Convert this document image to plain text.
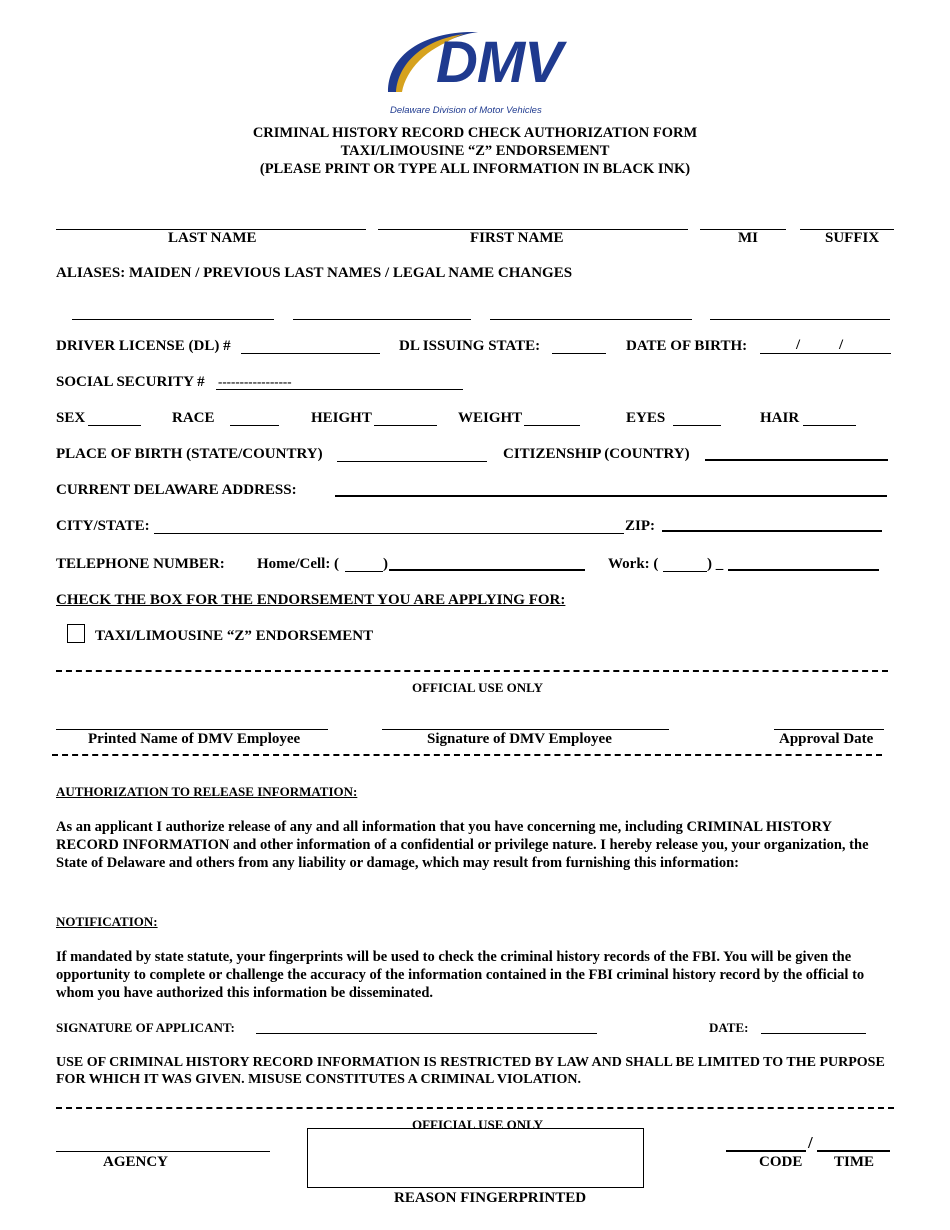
DMV
Delaware Division of Motor Vehicles
CRIMINAL HISTORY RECORD CHECK AUTHORIZATION FORM
TAXI/LIMOUSINE “Z” ENDORSEMENT
(PLEASE PRINT OR TYPE ALL INFORMATION IN BLACK INK)
LAST NAME	FIRST NAME	MI	SUFFIX
ALIASES: MAIDEN / PREVIOUS LAST NAMES / LEGAL NAME CHANGES
DRIVER LICENSE (DL) #	DL ISSUING STATE:	DATE OF BIRTH:	/	/
SOCIAL SECURITY # -----------------
SEX	RACE	HEIGHT	WEIGHT	EYES	HAIR
PLACE OF BIRTH (STATE/COUNTRY)	CITIZENSHIP (COUNTRY)
CURRENT DELAWARE ADDRESS:
CITY/STATE:	ZIP:
TELEPHONE NUMBER: Home/Cell: (	)	Work: (	) _
CHECK THE BOX FOR THE ENDORSEMENT YOU ARE APPLYING FOR:
TAXI/LIMOUSINE “Z” ENDORSEMENT
OFFICIAL USE ONLY
Printed Name of DMV Employee	Signature of DMV Employee	Approval Date
AUTHORIZATION TO RELEASE INFORMATION:
As an applicant I authorize release of any and all information that you have concerning me, including CRIMINAL HISTORY RECORD INFORMATION and other information of a confidential or privilege nature. I hereby release you, your organization, the State of Delaware and others from any liability or damage, which may result from furnishing this information:
NOTIFICATION:
If mandated by state statute, your fingerprints will be used to check the criminal history records of the FBI. You will be given the opportunity to complete or challenge the accuracy of the information contained in the FBI criminal history record by the official to whom you have authorized this information be disseminated.
SIGNATURE OF APPLICANT:	DATE:
USE OF CRIMINAL HISTORY RECORD INFORMATION IS RESTRICTED BY LAW AND SHALL BE LIMITED TO THE PURPOSE FOR WHICH IT WAS GIVEN. MISUSE CONSTITUTES A CRIMINAL VIOLATION.
OFFICIAL USE ONLY
AGENCY
REASON FINGERPRINTED
/
CODE TIME
